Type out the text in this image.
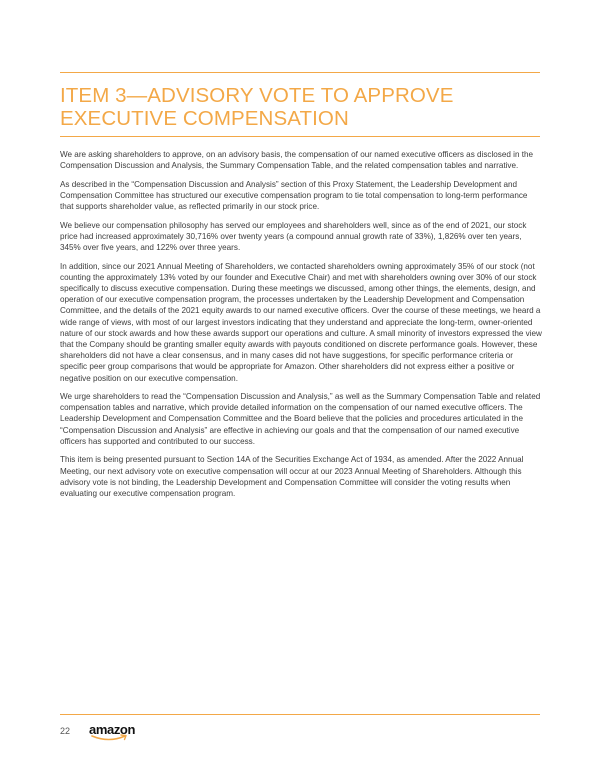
ITEM 3—ADVISORY VOTE TO APPROVE
EXECUTIVE COMPENSATION

We are asking shareholders to approve, on an advisory basis, the compensation of our named executive officers as disclosed in the Compensation Discussion and Analysis, the Summary Compensation Table, and the related compensation tables and narrative.

As described in the “Compensation Discussion and Analysis” section of this Proxy Statement, the Leadership Development and Compensation Committee has structured our executive compensation program to tie total compensation to long-term performance that supports shareholder value, as reflected primarily in our stock price.

We believe our compensation philosophy has served our employees and shareholders well, since as of the end of 2021, our stock price had increased approximately 30,716% over twenty years (a compound annual growth rate of 33%), 1,826% over ten years, 345% over five years, and 122% over three years.

In addition, since our 2021 Annual Meeting of Shareholders, we contacted shareholders owning approximately 35% of our stock (not counting the approximately 13% voted by our founder and Executive Chair) and met with shareholders owning over 30% of our stock specifically to discuss executive compensation. During these meetings we discussed, among other things, the elements, design, and operation of our executive compensation program, the processes undertaken by the Leadership Development and Compensation Committee, and the details of the 2021 equity awards to our named executive officers. Over the course of these meetings, we heard a wide range of views, with most of our largest investors indicating that they understand and appreciate the long-term, owner-oriented nature of our stock awards and how these awards support our operations and culture. A small minority of investors expressed the view that the Company should be granting smaller equity awards with payouts conditioned on discrete performance goals. However, these shareholders did not have a clear consensus, and in many cases did not have suggestions, for specific performance criteria or specific peer group comparisons that would be appropriate for Amazon. Other shareholders did not express either a positive or negative position on our executive compensation.

We urge shareholders to read the “Compensation Discussion and Analysis,” as well as the Summary Compensation Table and related compensation tables and narrative, which provide detailed information on the compensation of our named executive officers. The Leadership Development and Compensation Committee and the Board believe that the policies and procedures articulated in the “Compensation Discussion and Analysis” are effective in achieving our goals and that the compensation of our named executive officers has supported and contributed to our success.

This item is being presented pursuant to Section 14A of the Securities Exchange Act of 1934, as amended. After the 2022 Annual Meeting, our next advisory vote on executive compensation will occur at our 2023 Annual Meeting of Shareholders. Although this advisory vote is not binding, the Leadership Development and Compensation Committee will consider the voting results when evaluating our executive compensation program.

22 amazon
